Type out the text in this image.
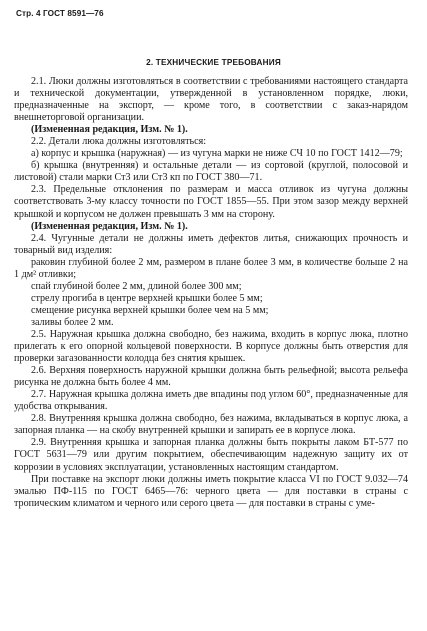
Стр. 4 ГОСТ 8591—76
2. ТЕХНИЧЕСКИЕ ТРЕБОВАНИЯ

2.1. Люки должны изготовляться в соответствии с требованиями настоящего стандарта и технической документации, утвержденной в установленном порядке, люки, предназначенные на экспорт, — кроме того, в соответствии с заказ-нарядом внешнеторговой организации.

(Измененная редакция, Изм. № 1).

2.2. Детали люка должны изготовляться:

а) корпус и крышка (наружная) — из чугуна марки не ниже СЧ 10 по ГОСТ 1412—79;

б) крышка (внутренняя) и остальные детали — из сортовой (круглой, полосовой и листовой) стали марки Ст3 или Ст3 кп по ГОСТ 380—71.

2.3. Предельные отклонения по размерам и масса отливок из чугуна должны соответствовать 3-му классу точности по ГОСТ 1855—55. При этом зазор между верхней крышкой и корпусом не должен превышать 3 мм на сторону.

(Измененная редакция, Изм. № 1).

2.4. Чугунные детали не должны иметь дефектов литья, снижающих прочность и товарный вид изделия:

раковин глубиной более 2 мм, размером в плане более 3 мм, в количестве больше 2 на 1 дм² отливки;

спай глубиной более 2 мм, длиной более 300 мм;

стрелу прогиба в центре верхней крышки более 5 мм;

смещение рисунка верхней крышки более чем на 5 мм;

заливы более 2 мм.

2.5. Наружная крышка должна свободно, без нажима, входить в корпус люка, плотно прилегать к его опорной кольцевой поверхности. В корпусе должны быть отверстия для проверки загазованности колодца без снятия крышек.

2.6. Верхняя поверхность наружной крышки должна быть рельефной; высота рельефа рисунка не должна быть более 4 мм.

2.7. Наружная крышка должна иметь две впадины под углом 60°, предназначенные для удобства открывания.

2.8. Внутренняя крышка должна свободно, без нажима, вкладываться в корпус люка, а запорная планка — на скобу внутренней крышки и запирать ее в корпусе люка.

2.9. Внутренняя крышка и запорная планка должны быть покрыты лаком БТ-577 по ГОСТ 5631—79 или другим покрытием, обеспечивающим надежную защиту их от коррозии в условиях эксплуатации, установленных настоящим стандартом.

При поставке на экспорт люки должны иметь покрытие класса VI по ГОСТ 9.032—74 эмалью ПФ-115 по ГОСТ 6465—76: черного цвета — для поставки в страны с тропическим климатом и черного или серого цвета — для поставки в страны с уме-
